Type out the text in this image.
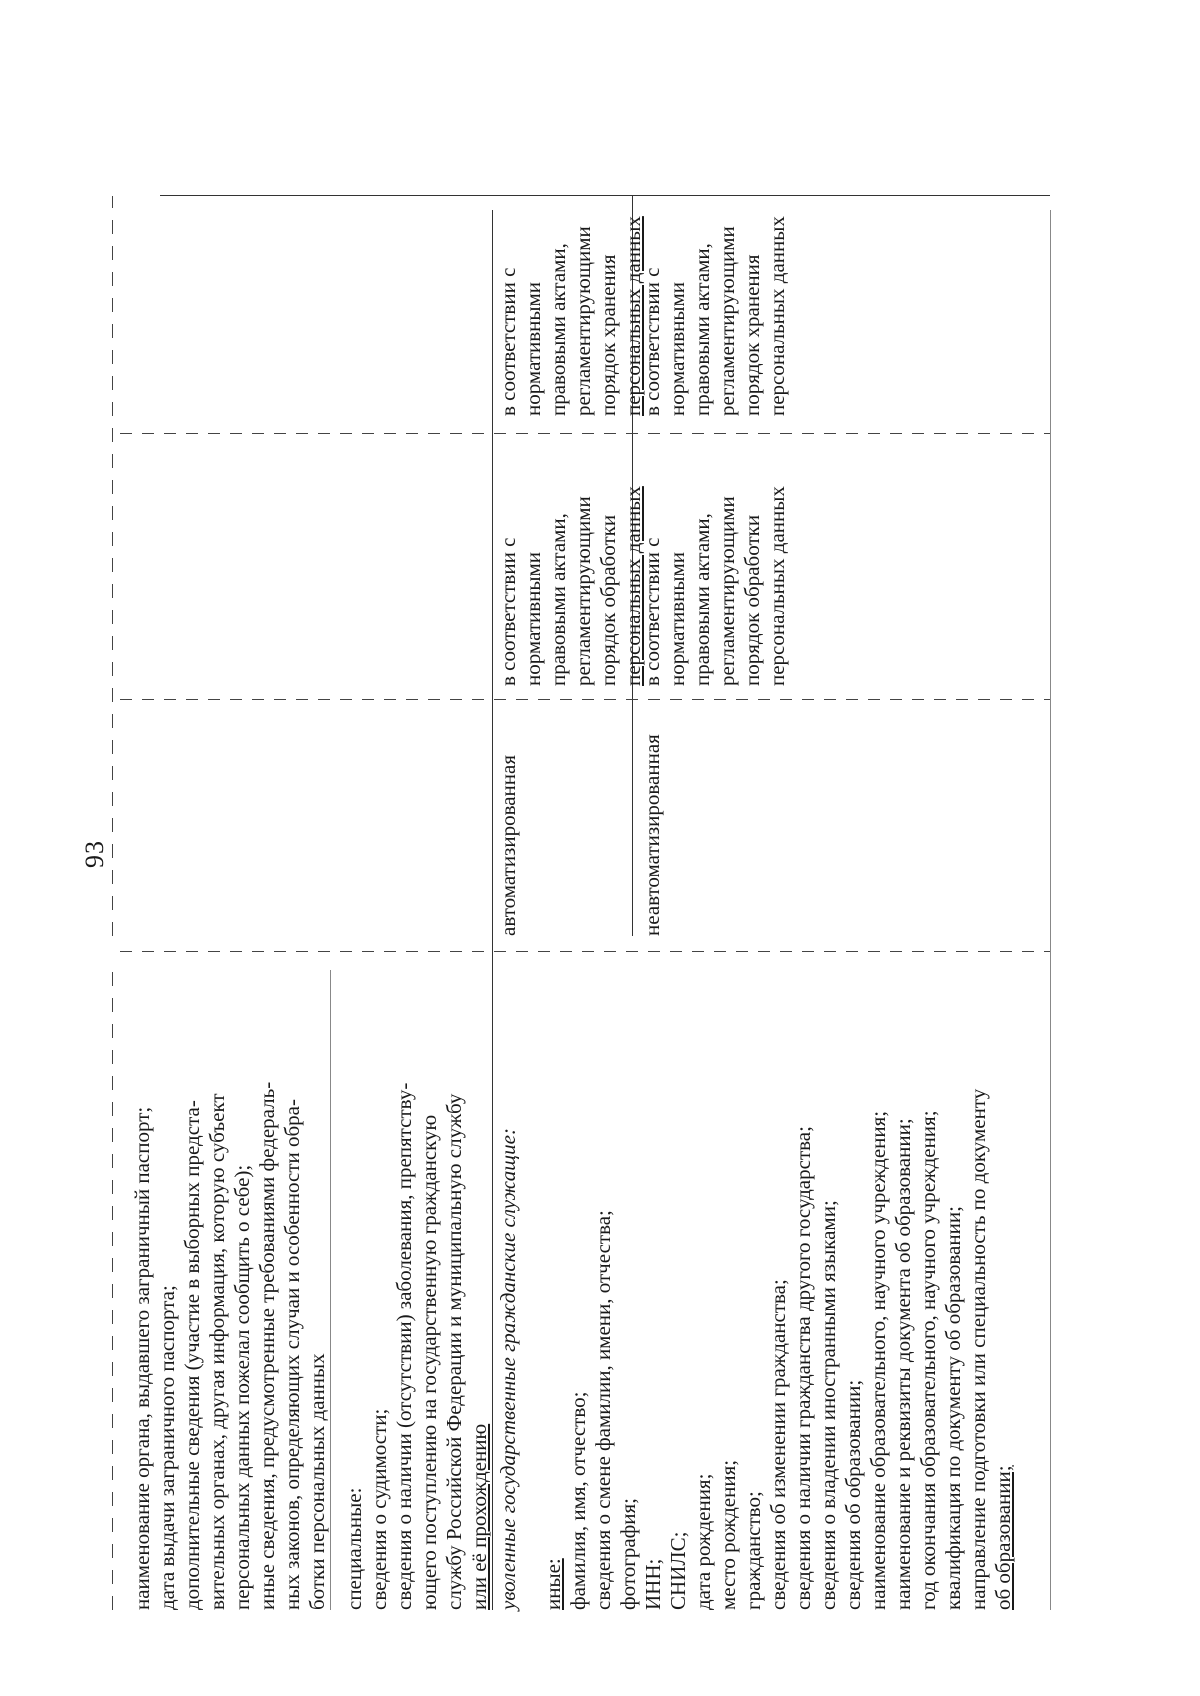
93
наименование органа, выдавшего заграничный паспорт; дата выдачи заграничного паспорта; дополнительные сведения (участие в выборных предста- вительных органах, другая информация, которую субъект персональных данных пожелал сообщить о себе); иные сведения, предусмотренные требованиями федераль- ных законов, определяющих случаи и особенности обра- ботки персональных данных специальные: сведения о судимости; сведения о наличии (отсутствии) заболевания, препятству- ющего поступлению на государственную гражданскую службу Российской Федерации и муниципальную службу или её прохождению уволенные государственные гражданские служащие: иные: фамилия, имя, отчество; сведения о смене фамилии, имени, отчества; фотография; ИНН; СНИЛС; дата рождения; место рождения; гражданство; сведения об изменении гражданства; сведения о наличии гражданства другого государства; сведения о владении иностранными языками; сведения об образовании; наименование образовательного, научного учреждения; наименование и реквизиты документа об образовании; год окончания образовательного, научного учреждения; квалификация по документу об образовании; направление подготовки или специальность по документу об образовании;
автоматизированная	неавтоматизированная
в соответствии с нормативными правовыми актами, регламентирующими порядок обработки персональных данных
в соответствии с нормативными правовыми актами, регламентирующими порядок обработки персональных данных
в соответствии с нормативными правовыми актами, регламентирующими порядок хранения персональных данных
в соответствии с нормативными правовыми актами, регламентирующими порядок хранения персональных данных
